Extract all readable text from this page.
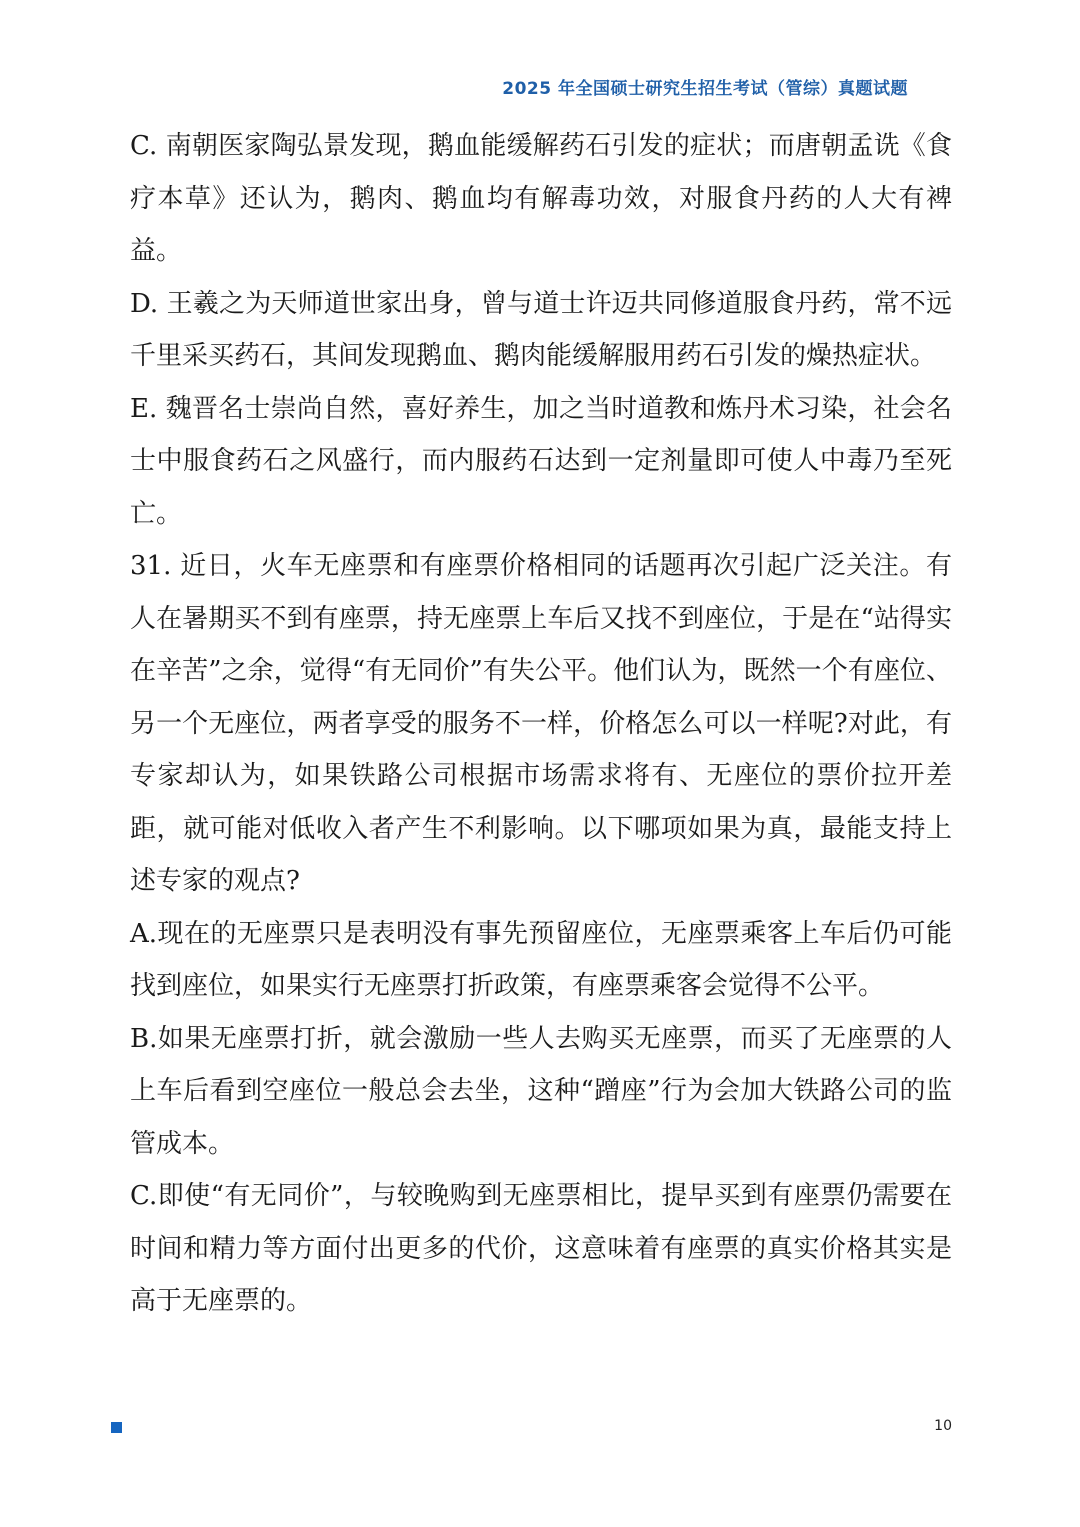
2025 年全国硕士研究生招生考试（管综）真题试题

C. 南朝医家陶弘景发现，鹅血能缓解药石引发的症状；而唐朝孟诜《食疗本草》还认为，鹅肉、鹅血均有解毒功效，对服食丹药的人大有裨益。

D. 王羲之为天师道世家出身，曾与道士许迈共同修道服食丹药，常不远千里采买药石，其间发现鹅血、鹅肉能缓解服用药石引发的燥热症状。

E. 魏晋名士崇尚自然，喜好养生，加之当时道教和炼丹术习染，社会名士中服食药石之风盛行，而内服药石达到一定剂量即可使人中毒乃至死亡。

31. 近日，火车无座票和有座票价格相同的话题再次引起广泛关注。有人在暑期买不到有座票，持无座票上车后又找不到座位，于是在“站得实在辛苦”之余，觉得“有无同价”有失公平。他们认为，既然一个有座位、另一个无座位，两者享受的服务不一样，价格怎么可以一样呢?对此，有专家却认为，如果铁路公司根据市场需求将有、无座位的票价拉开差距，就可能对低收入者产生不利影响。以下哪项如果为真，最能支持上述专家的观点?

A.现在的无座票只是表明没有事先预留座位，无座票乘客上车后仍可能找到座位，如果实行无座票打折政策，有座票乘客会觉得不公平。

B.如果无座票打折，就会激励一些人去购买无座票，而买了无座票的人上车后看到空座位一般总会去坐，这种“蹭座”行为会加大铁路公司的监管成本。

C.即使“有无同价”，与较晚购到无座票相比，提早买到有座票仍需要在时间和精力等方面付出更多的代价，这意味着有座票的真实价格其实是高于无座票的。

10
